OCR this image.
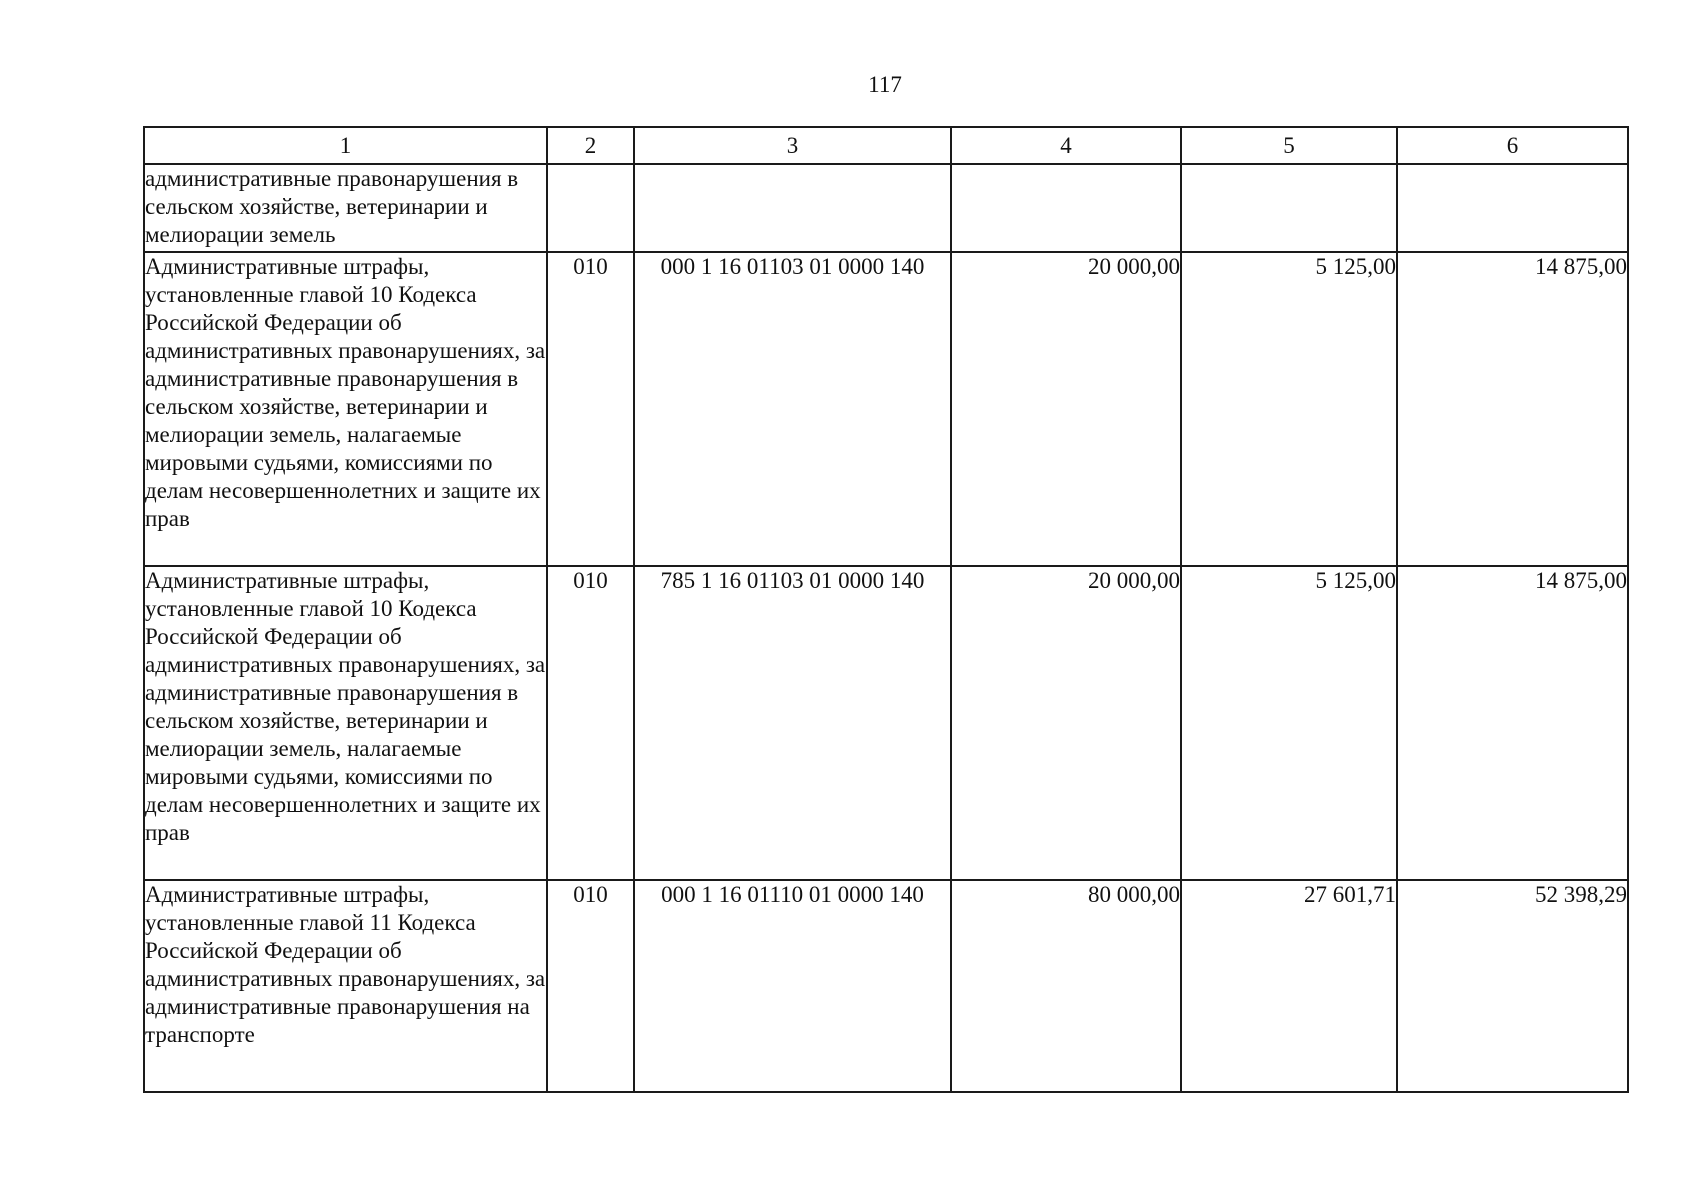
117
1	2	3	4	5	6

административные правонарушения в сельском хозяйстве, ветеринарии и мелиорации земель					

Административные штрафы, установленные главой 10 Кодекса Российской Федерации об административных правонарушениях, за административные правонарушения в сельском хозяйстве, ветеринарии и мелиорации земель, налагаемые мировыми судьями, комиссиями по делам несовершеннолетних и защите их прав	010	000 1 16 01103 01 0000 140	20 000,00	5 125,00	14 875,00

Административные штрафы, установленные главой 10 Кодекса Российской Федерации об административных правонарушениях, за административные правонарушения в сельском хозяйстве, ветеринарии и мелиорации земель, налагаемые мировыми судьями, комиссиями по делам несовершеннолетних и защите их прав	010	785 1 16 01103 01 0000 140	20 000,00	5 125,00	14 875,00

Административные штрафы, установленные главой 11 Кодекса Российской Федерации об административных правонарушениях, за административные правонарушения на транспорте	010	000 1 16 01110 01 0000 140	80 000,00	27 601,71	52 398,29
